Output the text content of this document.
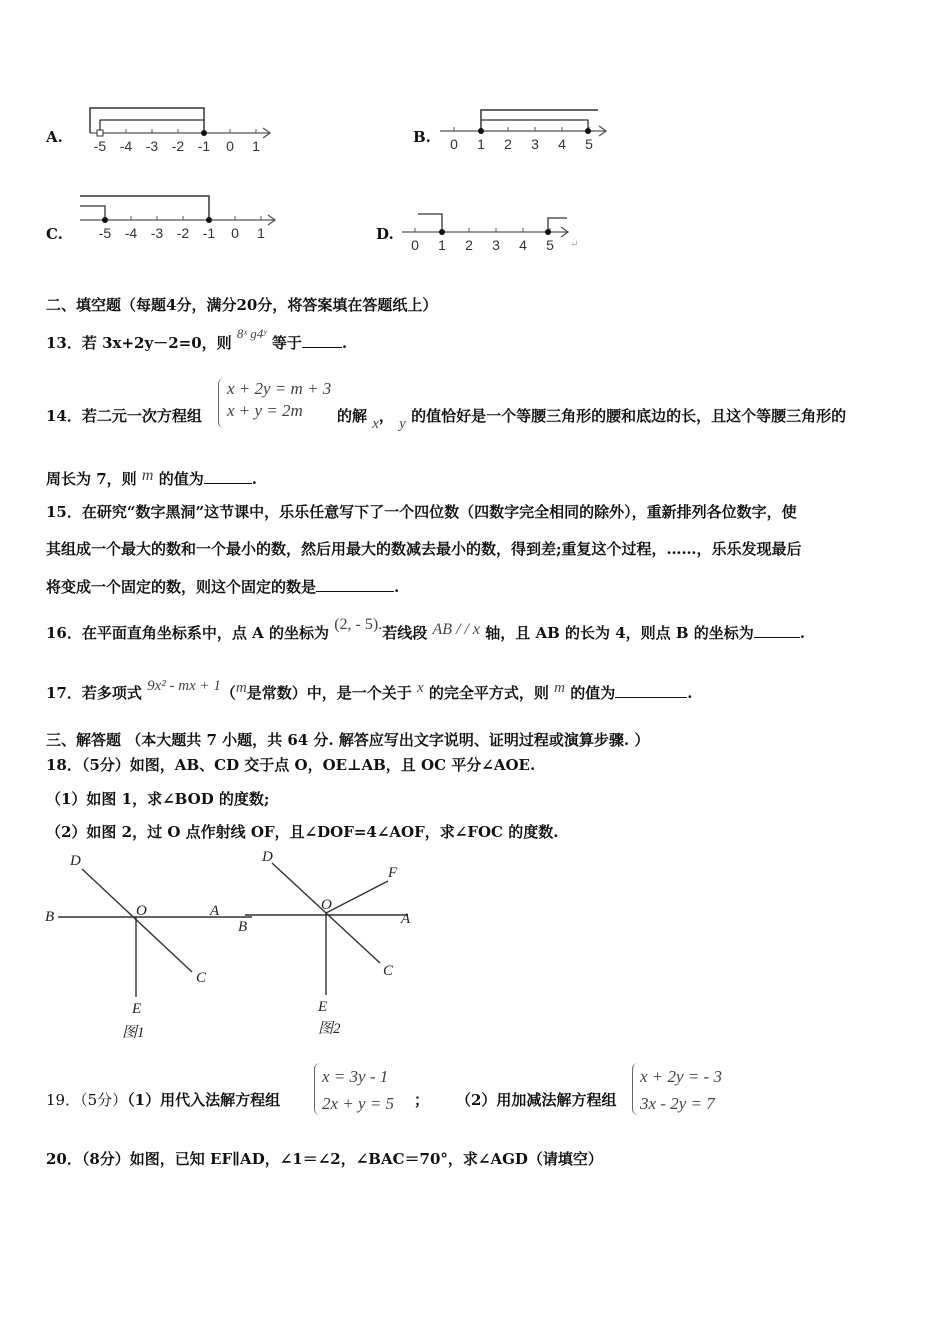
A. -5 -4 -3 -2 -1 0 1	B. 0 1 2 3 4 5
C.	-5 -4 -3 -2 -1 0 1	D.
0 1 2 3 4 5 ↵
二、填空题（每题4分，满分20分，将答案填在答题纸上）
13．若 3x+2y－2=0，则 8ˣ g4ʸ 等于	.
14．若二元一次方程组
x + 2y = m + 3
x + y = 2m	的解 x， y 的值恰好是一个等腰三角形的腰和底边的长，且这个等腰三角形的
周长为 7，则 m 的值为	.
15．在研究“数字黑洞”这节课中，乐乐任意写下了一个四位数（四数字完全相同的除外），重新排列各位数字，使
其组成一个最大的数和一个最小的数，然后用最大的数减去最小的数，得到差;重复这个过程，……，乐乐发现最后
将变成一个固定的数，则这个固定的数是	.
16．在平面直角坐标系中，点 A 的坐标为 (2, - 5).若线段 AB / / x 轴，且 AB 的长为 4，则点 B 的坐标为	.
17．若多项式 9x² - mx + 1（m是常数）中，是一个关于 x 的完全平方式，则 m 的值为	.
三、解答题 （本大题共 7 小题，共 64 分. 解答应写出文字说明、证明过程或演算步骤. ）
18．（5分）如图，AB、CD 交于点 O，OE⊥AB，且 OC 平分∠AOE.
（1）如图 1，求∠BOD 的度数;
（2）如图 2，过 O 点作射线 OF，且∠DOF=4∠AOF，求∠FOC 的度数.
D
B	O	A
C
E
图1
D
B
O
A
F
C
E
图2
19．（5分）（1）用代入法解方程组
x = 3y - 1
2x + y = 5 ； （2）用加减法解方程组
x + 2y = - 3
3x - 2y = 7
20．（8分）如图，已知 EF∥AD，∠1＝∠2，∠BAC＝70°，求∠AGD（请填空）
